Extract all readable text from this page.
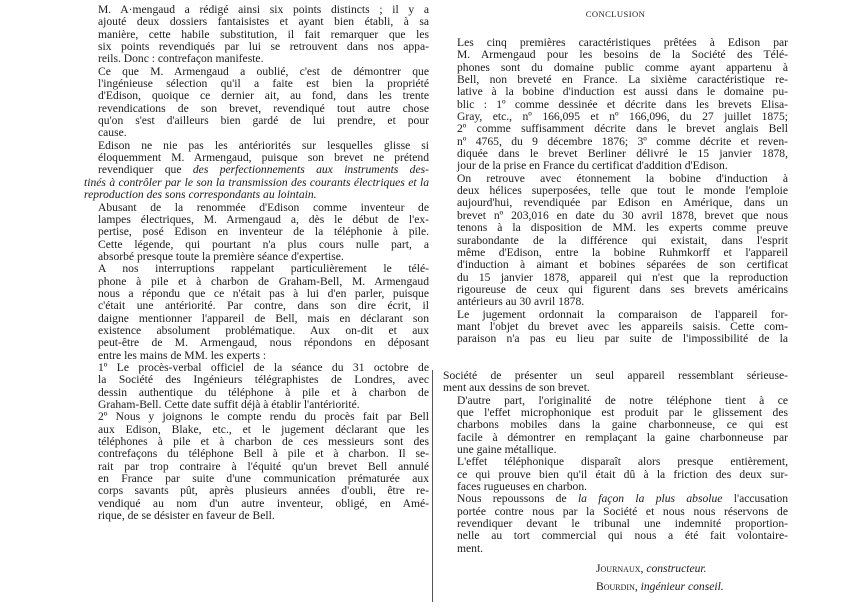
CONCLUSION

M. A·mengaud a rédigé ainsi six points distincts ; il y a
ajouté deux dossiers fantaisistes et ayant bien établi, à sa
manière, cette habile substitution, il fait remarquer que les
six points revendiqués par lui se retrouvent dans nos appa-
reils. Donc : contrefaçon manifeste.

Ce que M. Armengaud a oublié, c'est de démontrer que
l'ingénieuse sélection qu'il a faite est bien la propriété
d'Edison, quoique ce dernier ait, au fond, dans les trente
revendications de son brevet, revendiqué tout autre chose
qu'on s'est d'ailleurs bien gardé de lui prendre, et pour
cause.

Edison ne nie pas les antériorités sur lesquelles glisse si
éloquemment M. Armengaud, puisque son brevet ne prétend
revendiquer que des perfectionnements aux instruments des-
tinés à contrôler par le son la transmission des courants électriques et la reproduction des sons correspondants au lointain.

Abusant de la renommée d'Edison comme inventeur de
lampes électriques, M. Armengaud a, dès le début de l'ex-
pertise, posé Edison en inventeur de la téléphonie à pile.
Cette légende, qui pourtant n'a plus cours nulle part, a
absorbé presque toute la première séance d'expertise.

A nos interruptions rappelant particulièrement le télé-
phone à pile et à charbon de Graham-Bell, M. Armengaud
nous a répondu que ce n'était pas à lui d'en parler, puisque
c'était une antériorité. Par contre, dans son dire écrit, il
daigne mentionner l'appareil de Bell, mais en déclarant son
existence absolument problématique. Aux on-dit et aux
peut-être de M. Armengaud, nous répondons en déposant
entre les mains de MM. les experts :

1º Le procès-verbal officiel de la séance du 31 octobre de
la Société des Ingénieurs télégraphistes de Londres, avec
dessin authentique du téléphone à pile et à charbon de
Graham-Bell. Cette date suffit déjà à établir l'antériorité.

2º Nous y joignons le compte rendu du procès fait par Bell
aux Edison, Blake, etc., et le jugement déclarant que les
téléphones à pile et à charbon de ces messieurs sont des
contrefaçons du téléphone Bell à pile et à charbon. Il se-
rait par trop contraire à l'équité qu'un brevet Bell annulé
en France par suite d'une communication prématurée aux
corps savants pût, après plusieurs années d'oubli, être re-
vendiqué au nom d'un autre inventeur, obligé, en Amé-
rique, de se désister en faveur de Bell.

Les cinq premières caractéristiques prêtées à Edison par
M. Armengaud pour les besoins de la Société des Télé-
phones sont du domaine public comme ayant appartenu à
Bell, non breveté en France. La sixième caractéristique re-
lative à la bobine d'induction est aussi dans le domaine pu-
blic : 1º comme dessinée et décrite dans les brevets Elisa-
Gray, etc., nº 166,095 et nº 166,096, du 27 juillet 1875;
2º comme suffisamment décrite dans le brevet anglais Bell
nº 4765, du 9 décembre 1876; 3º comme décrite et reven-
diquée dans le brevet Berliner délivré le 15 janvier 1878,
jour de la prise en France du certificat d'addition d'Edison.

On retrouve avec étonnement la bobine d'induction à
deux hélices superposées, telle que tout le monde l'emploie
aujourd'hui, revendiquée par Edison en Amérique, dans un
brevet nº 203,016 en date du 30 avril 1878, brevet que nous
tenons à la disposition de MM. les experts comme preuve
surabondante de la différence qui existait, dans l'esprit
même d'Edison, entre la bobine Ruhmkorff et l'appareil
d'induction à aimant et bobines séparées de son certificat
du 15 janvier 1878, appareil qui n'est que la reproduction
rigoureuse de ceux qui figurent dans ses brevets américains
antérieurs au 30 avril 1878.

Le jugement ordonnait la comparaison de l'appareil for-
mant l'objet du brevet avec les appareils saisis. Cette com-
paraison n'a pas eu lieu par suite de l'impossibilité de la

Société de présenter un seul appareil ressemblant sérieuse-
ment aux dessins de son brevet.

D'autre part, l'originalité de notre téléphone tient à ce
que l'effet microphonique est produit par le glissement des
charbons mobiles dans la gaine charbonneuse, ce qui est
facile à démontrer en remplaçant la gaine charbonneuse par
une gaine métallique.

L'effet téléphonique disparaît alors presque entièrement,
ce qui prouve bien qu'il était dû à la friction des deux sur-
faces rugueuses en charbon.

Nous repoussons de la façon la plus absolue l'accusation
portée contre nous par la Société et nous nous réservons de
revendiquer devant le tribunal une indemnité proportion-
nelle au tort commercial qui nous a été fait volontaire-
ment.

Journaux, constructeur.
Bourdin, ingénieur conseil.
